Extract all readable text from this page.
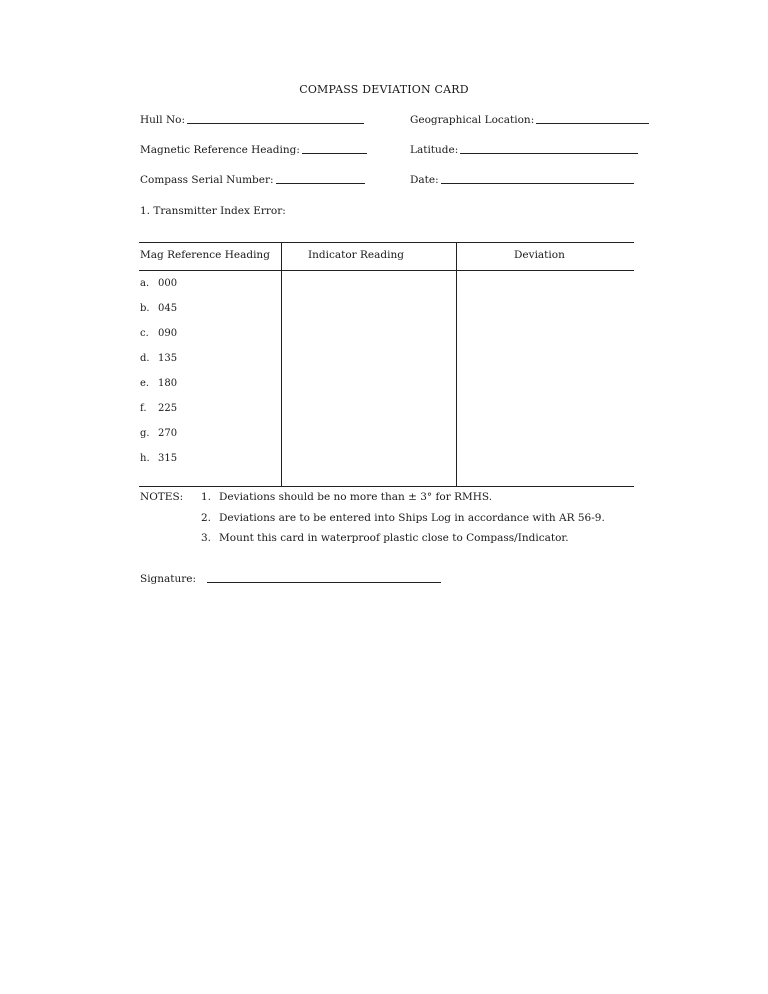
COMPASS DEVIATION CARD
Hull No:
Magnetic Reference Heading:
Compass Serial Number:
Geographical Location:
Latitude:
Date:
1. Transmitter Index Error:
Mag Reference Heading	Indicator Reading	Deviation
a. 000
b. 045
c. 090
d. 135
e. 180
f. 225
g. 270
h. 315
NOTES: 1. Deviations should be no more than ± 3° for RMHS.
2. Deviations are to be entered into Ships Log in accordance with AR 56-9.
3. Mount this card in waterproof plastic close to Compass/Indicator.
Signature:
